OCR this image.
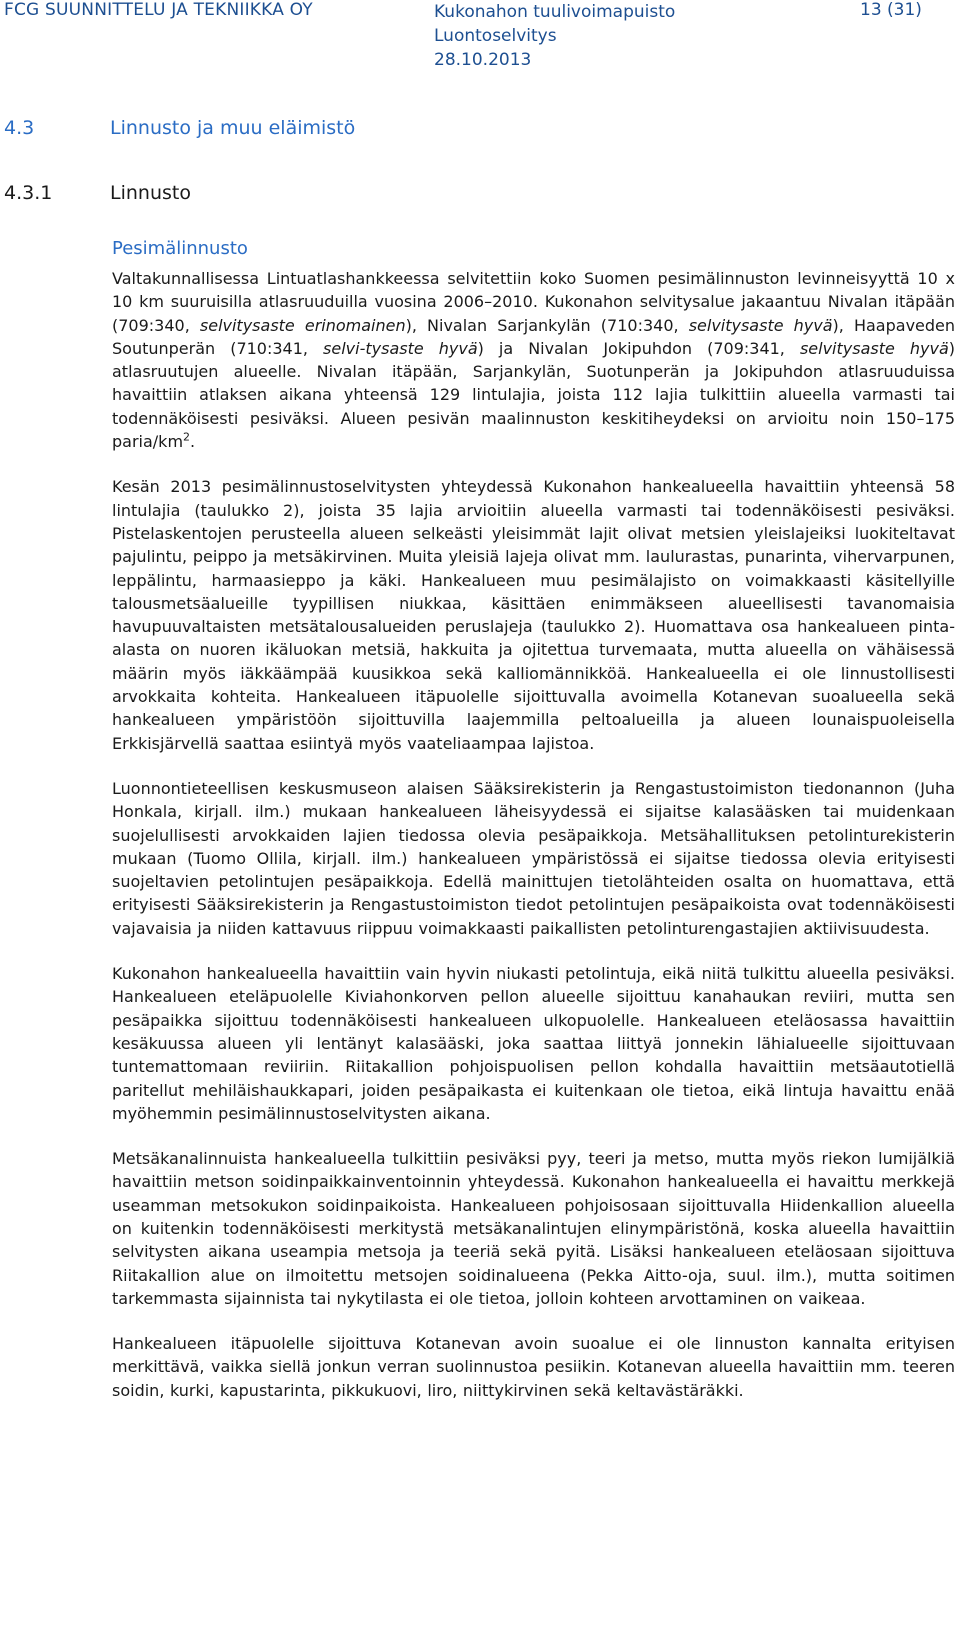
FCG SUUNNITTELU JA TEKNIIKKA OY	Kukonahon tuulivoimapuisto
Luontoselvitys
28.10.2013
13 (31)
4.3	Linnusto ja muu eläimistö
4.3.1	Linnusto
Pesimälinnusto

Valtakunnallisessa Lintuatlashankkeessa selvitettiin koko Suomen pesimälinnuston levinneisyyttä 10 x 10 km suuruisilla atlasruuduilla vuosina 2006–2010. Kukonahon selvitysalue jakaantuu Nivalan itäpään (709:340, selvitysaste erinomainen), Nivalan Sarjankylän (710:340, selvitysaste hyvä), Haapaveden Soutunperän (710:341, selvi-tysaste hyvä) ja Nivalan Jokipuhdon (709:341, selvitysaste hyvä) atlasruutujen alueelle. Nivalan itäpään, Sarjankylän, Suotunperän ja Jokipuhdon atlasruuduissa havaittiin atlaksen aikana yhteensä 129 lintulajia, joista 112 lajia tulkittiin alueella varmasti tai todennäköisesti pesiväksi. Alueen pesivän maalinnuston keskitiheydeksi on arvioitu noin 150–175 paria/$km^2$.

Kesän 2013 pesimälinnustoselvitysten yhteydessä Kukonahon hankealueella havaittiin yhteensä 58 lintulajia (taulukko 2), joista 35 lajia arvioitiin alueella varmasti tai todennäköisesti pesiväksi. Pistelaskentojen perusteella alueen selkeästi yleisimmät lajit olivat metsien yleislajeiksi luokiteltavat pajulintu, peippo ja metsäkirvinen. Muita yleisiä lajeja olivat mm. laulurastas, punarinta, vihervarpunen, leppälintu, harmaasieppo ja käki. Hankealueen muu pesimälajisto on voimakkaasti käsitellyille talousmetsäalueille tyypillisen niukkaa, käsittäen enimmäkseen alueellisesti tavanomaisia havupuuvaltaisten metsätalousalueiden peruslajeja (taulukko 2). Huomattava osa hankealueen pinta-alasta on nuoren ikäluokan metsiä, hakkuita ja ojitettua turvemaata, mutta alueella on vähäisessä määrin myös iäkkäämpää kuusikkoa sekä kalliomännikköä. Hankealueella ei ole linnustollisesti arvokkaita kohteita. Hankealueen itäpuolelle sijoittuvalla avoimella Kotanevan suoalueella sekä hankealueen ympäristöön sijoittuvilla laajemmilla peltoalueilla ja alueen lounaispuoleisella Erkkisjärvellä saattaa esiintyä myös vaateliaampaa lajistoa.

Luonnontieteellisen keskusmuseon alaisen Sääksirekisterin ja Rengastustoimiston tiedonannon (Juha Honkala, kirjall. ilm.) mukaan hankealueen läheisyydessä ei sijaitse kalasääsken tai muidenkaan suojelullisesti arvokkaiden lajien tiedossa olevia pesäpaikkoja. Metsähallituksen petolinturekisterin mukaan (Tuomo Ollila, kirjall. ilm.) hankealueen ympäristössä ei sijaitse tiedossa olevia erityisesti suojeltavien petolintujen pesäpaikkoja. Edellä mainittujen tietolähteiden osalta on huomattava, että erityisesti Sääksirekisterin ja Rengastustoimiston tiedot petolintujen pesäpaikoista ovat todennäköisesti vajavaisia ja niiden kattavuus riippuu voimakkaasti paikallisten petolinturengastajien aktiivisuudesta.

Kukonahon hankealueella havaittiin vain hyvin niukasti petolintuja, eikä niitä tulkittu alueella pesiväksi. Hankealueen eteläpuolelle Kiviahonkorven pellon alueelle sijoittuu kanahaukan reviiri, mutta sen pesäpaikka sijoittuu todennäköisesti hankealueen ulkopuolelle. Hankealueen eteläosassa havaittiin kesäkuussa alueen yli lentänyt kalasääski, joka saattaa liittyä jonnekin lähialueelle sijoittuvaan tuntemattomaan reviiriin. Riitakallion pohjoispuolisen pellon kohdalla havaittiin metsäautotiellä paritellut mehiläishaukkapari, joiden pesäpaikasta ei kuitenkaan ole tietoa, eikä lintuja havaittu enää myöhemmin pesimälinnustoselvitysten aikana.

Metsäkanalinnuista hankealueella tulkittiin pesiväksi pyy, teeri ja metso, mutta myös riekon lumijälkiä havaittiin metson soidinpaikkainventoinnin yhteydessä. Kukonahon hankealueella ei havaittu merkkejä useamman metsokukon soidinpaikoista. Hankealueen pohjoisosaan sijoittuvalla Hiidenkallion alueella on kuitenkin todennäköisesti merkitystä metsäkanalintujen elinympäristönä, koska alueella havaittiin selvitysten aikana useampia metsoja ja teeriä sekä pyitä. Lisäksi hankealueen eteläosaan sijoittuva Riitakallion alue on ilmoitettu metsojen soidinalueena (Pekka Aitto-oja, suul. ilm.), mutta soitimen tarkemmasta sijainnista tai nykytilasta ei ole tietoa, jolloin kohteen arvottaminen on vaikeaa.

Hankealueen itäpuolelle sijoittuva Kotanevan avoin suoalue ei ole linnuston kannalta erityisen merkittävä, vaikka siellä jonkun verran suolinnustoa pesiikin. Kotanevan alueella havaittiin mm. teeren soidin, kurki, kapustarinta, pikkukuovi, liro, niittykirvinen sekä keltavästäräkki.
